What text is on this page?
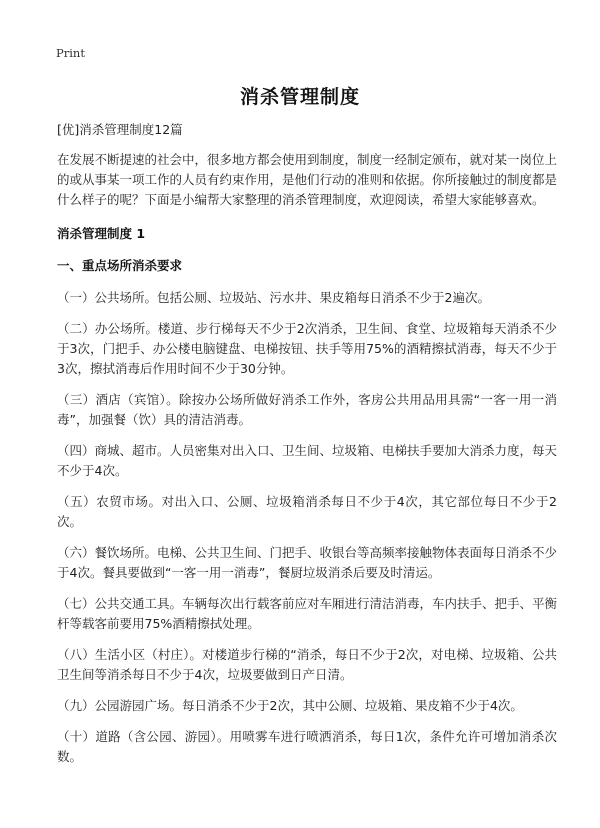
Print
消杀管理制度

[优]消杀管理制度12篇

在发展不断提速的社会中，很多地方都会使用到制度，制度一经制定颁布，就对某一岗位上的或从事某一项工作的人员有约束作用，是他们行动的准则和依据。你所接触过的制度都是什么样子的呢？下面是小编帮大家整理的消杀管理制度，欢迎阅读，希望大家能够喜欢。

消杀管理制度 1

一、重点场所消杀要求

（一）公共场所。包括公厕、垃圾站、污水井、果皮箱每日消杀不少于2遍次。

（二）办公场所。楼道、步行梯每天不少于2次消杀，卫生间、食堂、垃圾箱每天消杀不少于3次，门把手、办公楼电脑键盘、电梯按钮、扶手等用75%的酒精擦拭消毒，每天不少于3次，擦拭消毒后作用时间不少于30分钟。

（三）酒店（宾馆）。除按办公场所做好消杀工作外，客房公共用品用具需“一客一用一消毒”，加强餐（饮）具的清洁消毒。

（四）商城、超市。人员密集对出入口、卫生间、垃圾箱、电梯扶手要加大消杀力度，每天不少于4次。

（五）农贸市场。对出入口、公厕、垃圾箱消杀每日不少于4次，其它部位每日不少于2次。

（六）餐饮场所。电梯、公共卫生间、门把手、收银台等高频率接触物体表面每日消杀不少于4次。餐具要做到“一客一用一消毒”，餐厨垃圾消杀后要及时清运。

（七）公共交通工具。车辆每次出行载客前应对车厢进行清洁消毒，车内扶手、把手、平衡杆等载客前要用75%酒精擦拭处理。

（八）生活小区（村庄）。对楼道步行梯的“消杀，每日不少于2次，对电梯、垃圾箱、公共卫生间等消杀每日不少于4次，垃圾要做到日产日清。

（九）公园游园广场。每日消杀不少于2次，其中公厕、垃圾箱、果皮箱不少于4次。

（十）道路（含公园、游园）。用喷雾车进行喷洒消杀，每日1次，条件允许可增加消杀次数。
